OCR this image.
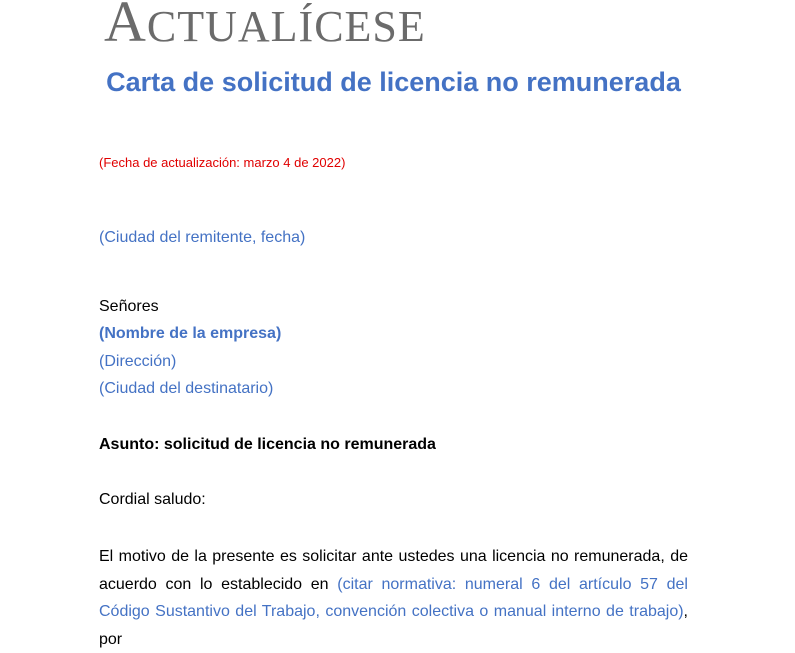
ACTUALÍCESE
Carta de solicitud de licencia no remunerada
(Fecha de actualización: marzo 4 de 2022)
(Ciudad del remitente, fecha)
Señores
(Nombre de la empresa)
(Dirección)
(Ciudad del destinatario)
Asunto: solicitud de licencia no remunerada
Cordial saludo:
El motivo de la presente es solicitar ante ustedes una licencia no remunerada, de acuerdo con lo establecido en (citar normativa: numeral 6 del artículo 57 del Código Sustantivo del Trabajo, convención colectiva o manual interno de trabajo), por
